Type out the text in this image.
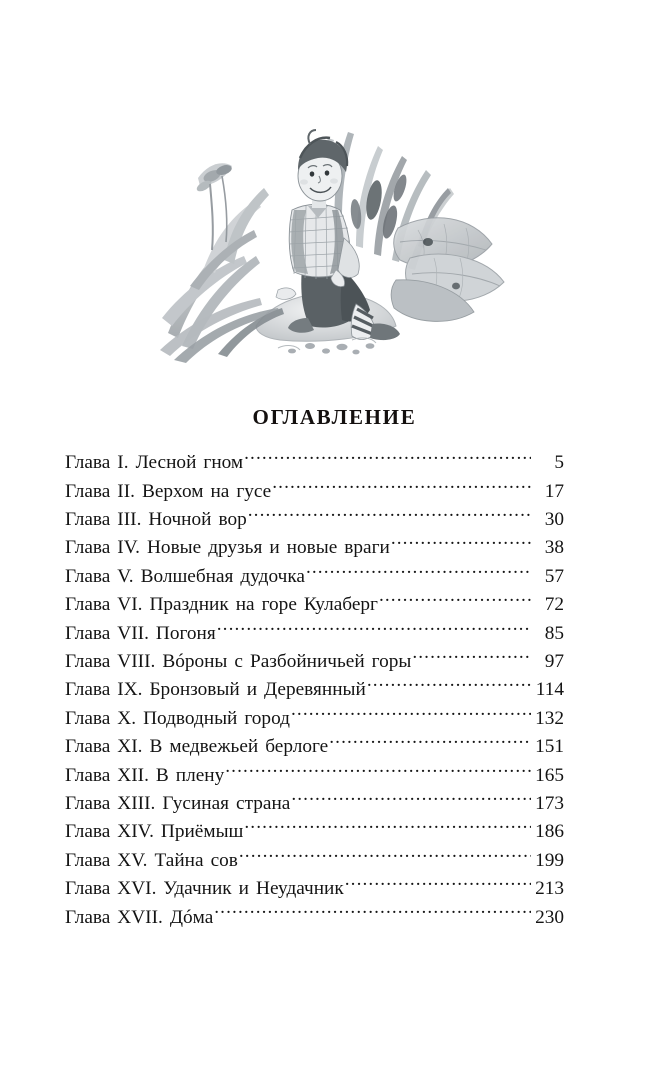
ОГЛАВЛЕНИЕ
Глава I. Лесной гном .....	5
Глава II. Верхом на гусе .....	17
Глава III. Ночной вор .....	30
Глава IV. Новые друзья и новые враги .....	38
Глава V. Волшебная дудочка .....	57
Глава VI. Праздник на горе Кулаберг .....	72
Глава VII. Погоня .....	85
Глава VIII. Вóроны с Разбойничьей горы .....	97
Глава IX. Бронзовый и Деревянный .....	114
Глава X. Подводный город .....	132
Глава XI. В медвежьей берлоге .....	151
Глава XII. В плену .....	165
Глава XIII. Гусиная страна .....	173
Глава XIV. Приёмыш .....	186
Глава XV. Тайна сов .....	199
Глава XVI. Удачник и Неудачник .....	213
Глава XVII. Дóма .....	230
